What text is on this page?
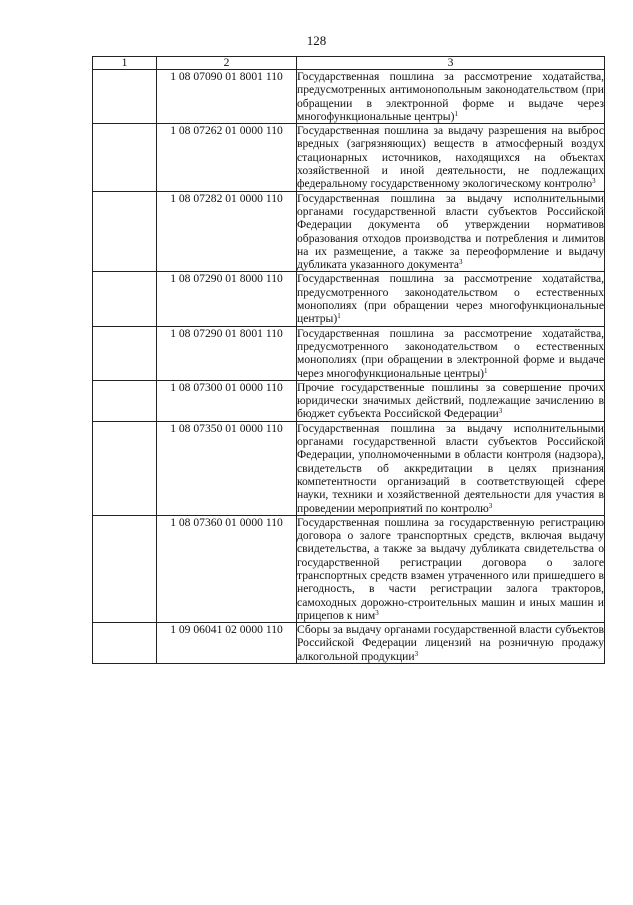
128
1	2	3
	1 08 07090 01 8001 110	Государственная пошлина за рассмотрение ходатайства, предусмотренных антимонопольным законодательством (при обращении в электронной форме и выдаче через многофункциональные центры)$^1$
	1 08 07262 01 0000 110	Государственная пошлина за выдачу разрешения на выброс вредных (загрязняющих) веществ в атмосферный воздух стационарных источников, находящихся на объектах хозяйственной и иной деятельности, не подлежащих федеральному государственному экологическому контролю$^3$
	1 08 07282 01 0000 110	Государственная пошлина за выдачу исполнительными органами государственной власти субъектов Российской Федерации документа об утверждении нормативов образования отходов производства и потребления и лимитов на их размещение, а также за переоформление и выдачу дубликата указанного документа$^3$
	1 08 07290 01 8000 110	Государственная пошлина за рассмотрение ходатайства, предусмотренного законодательством о естественных монополиях (при обращении через многофункциональные центры)$^1$
	1 08 07290 01 8001 110	Государственная пошлина за рассмотрение ходатайства, предусмотренного законодательством о естественных монополиях (при обращении в электронной форме и выдаче через многофункциональные центры)$^1$
	1 08 07300 01 0000 110	Прочие государственные пошлины за совершение прочих юридически значимых действий, подлежащие зачислению в бюджет субъекта Российской Федерации$^3$
	1 08 07350 01 0000 110	Государственная пошлина за выдачу исполнительными органами государственной власти субъектов Российской Федерации, уполномоченными в области контроля (надзора), свидетельств об аккредитации в целях признания компетентности организаций в соответствующей сфере науки, техники и хозяйственной деятельности для участия в проведении мероприятий по контролю$^3$
	1 08 07360 01 0000 110	Государственная пошлина за государственную регистрацию договора о залоге транспортных средств, включая выдачу свидетельства, а также за выдачу дубликата свидетельства о государственной регистрации договора о залоге транспортных средств взамен утраченного или пришедшего в негодность, в части регистрации залога тракторов, самоходных дорожно-строительных машин и иных машин и прицепов к ним$^3$
	1 09 06041 02 0000 110	Сборы за выдачу органами государственной власти субъектов Российской Федерации лицензий на розничную продажу алкогольной продукции$^3$
